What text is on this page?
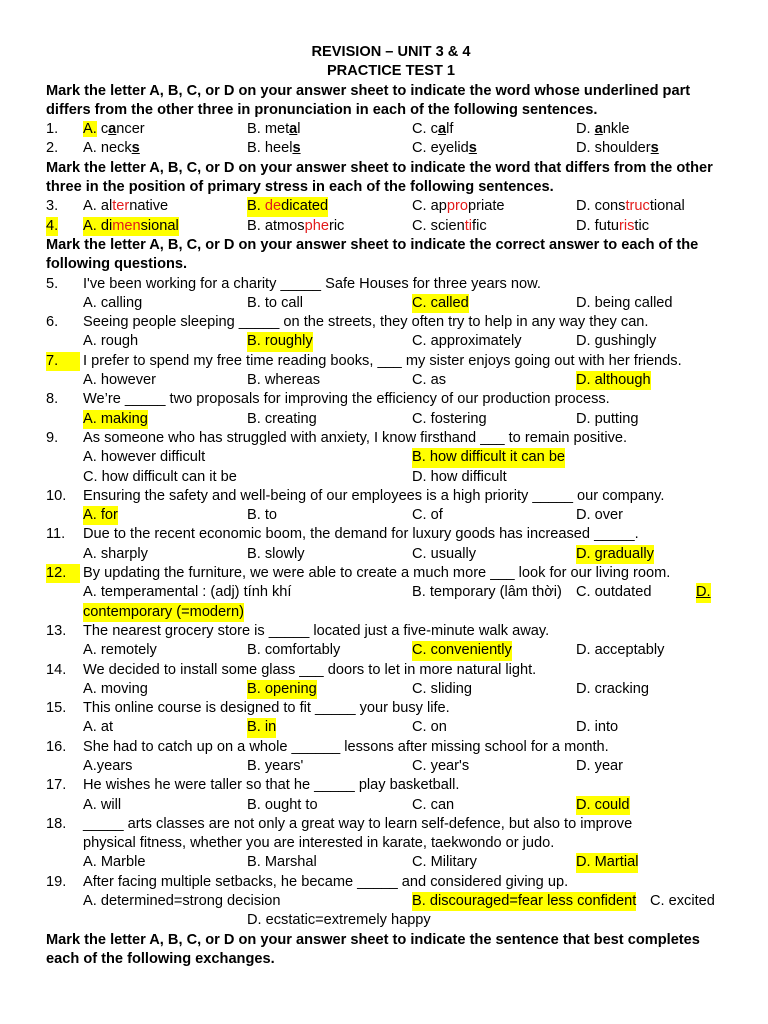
REVISION – UNIT 3 & 4
PRACTICE TEST 1
Mark the letter A, B, C, or D on your answer sheet to indicate the word whose underlined part differs from the other three in pronunciation in each of the following sentences.
1.	A. cancer	B. metal	C. calf	D. ankle
2.	A. necks	B. heels	C. eyelids	D. shoulders
Mark the letter A, B, C, or D on your answer sheet to indicate the word that differs from the other three in the position of primary stress in each of the following sentences.
3.	A. alternative	B. dedicated	C. appropriate	D. constructional
4. A. dimensional	B. atmospheric	C. scientific	D. futuristic
Mark the letter A, B, C, or D on your answer sheet to indicate the correct answer to each of the following questions.
5.	I've been working for a charity _____ Safe Houses for three years now.
A. calling	B. to call	C. called	D. being called
6.	Seeing people sleeping _____ on the streets, they often try to help in any way they can.
A. rough	B. roughly	C. approximately	D. gushingly
7.	I prefer to spend my free time reading books, ___ my sister enjoys going out with her friends.
A. however	B. whereas	C. as	D. although
8.	We’re _____ two proposals for improving the efficiency of our production process.
A. making	B. creating	C. fostering	D. putting
9.	As someone who has struggled with anxiety, I know firsthand ___ to remain positive.
A. however difficult	B. how difficult it can be
C. how difficult can it be	D. how difficult
10.	Ensuring the safety and well-being of our employees is a high priority _____ our company.
A. for	B. to	C. of	D. over
11.	Due to the recent economic boom, the demand for luxury goods has increased _____.
A. sharply	B. slowly	C. usually	D. gradually
12.	By updating the furniture, we were able to create a much more ___ look for our living room.
A. temperamental : (adj) tính khí	B. temporary (lâm thời) C. outdated	D.
contemporary (=modern)
13.	The nearest grocery store is _____ located just a five-minute walk away.
A. remotely	B. comfortably	C. conveniently	D. acceptably
14.	We decided to install some glass ___ doors to let in more natural light.
A. moving	B. opening	C. sliding	D. cracking
15.	This online course is designed to fit _____ your busy life.
A. at	B. in	C. on	D. into
16.	She had to catch up on a whole ______ lessons after missing school for a month.
A.years	B. years'	C. year's	D. year
17.	He wishes he were taller so that he _____ play basketball.
A. will	B. ought to	C. can	D. could
18.	_____ arts classes are not only a great way to learn self-defence, but also to improve
physical fitness, whether you are interested in karate, taekwondo or judo.
A. Marble	B. Marshal	C. Military	D. Martial
19.	After facing multiple setbacks, he became _____ and considered giving up.
A. determined=strong decision	B. discouraged=fear less confident C. excited
D. ecstatic=extremely happy
Mark the letter A, B, C, or D on your answer sheet to indicate the sentence that best completes each of the following exchanges.
